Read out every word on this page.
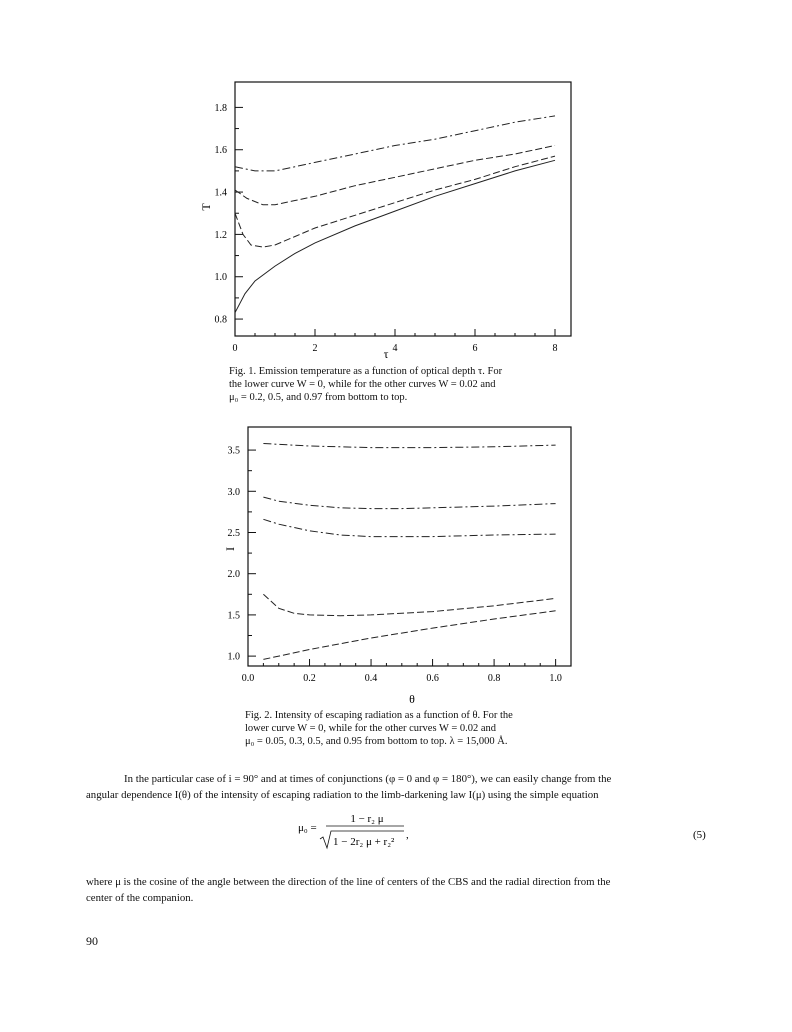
0	2	4	6	8
0.8
1.0
1.2
1.4
1.6
1.8
τ
T
0.0	0.2	0.4	0.6	0.8	1.0
1.0
1.5
2.0
2.5
3.0
3.5
θ
I
Fig. 1. Emission temperature as a function of optical depth τ. For
the lower curve W = 0, while for the other curves W = 0.02 and
μ₀ = 0.2, 0.5, and 0.97 from bottom to top.
Fig. 2. Intensity of escaping radiation as a function of θ. For the
lower curve W = 0, while for the other curves W = 0.02 and
μ₀ = 0.05, 0.3, 0.5, and 0.95 from bottom to top. λ = 15,000 Å.
In the particular case of i = 90° and at times of conjunctions (φ = 0 and φ = 180°), we can easily change from the
angular dependence I(θ) of the intensity of escaping radiation to the limb-darkening law I(μ) using the simple equation
μ₀ =
1 − r₂ μ
1 − 2r₂ μ + r₂²
,	(5)
where μ is the cosine of the angle between the direction of the line of centers of the CBS and the radial direction from the
center of the companion.
90
